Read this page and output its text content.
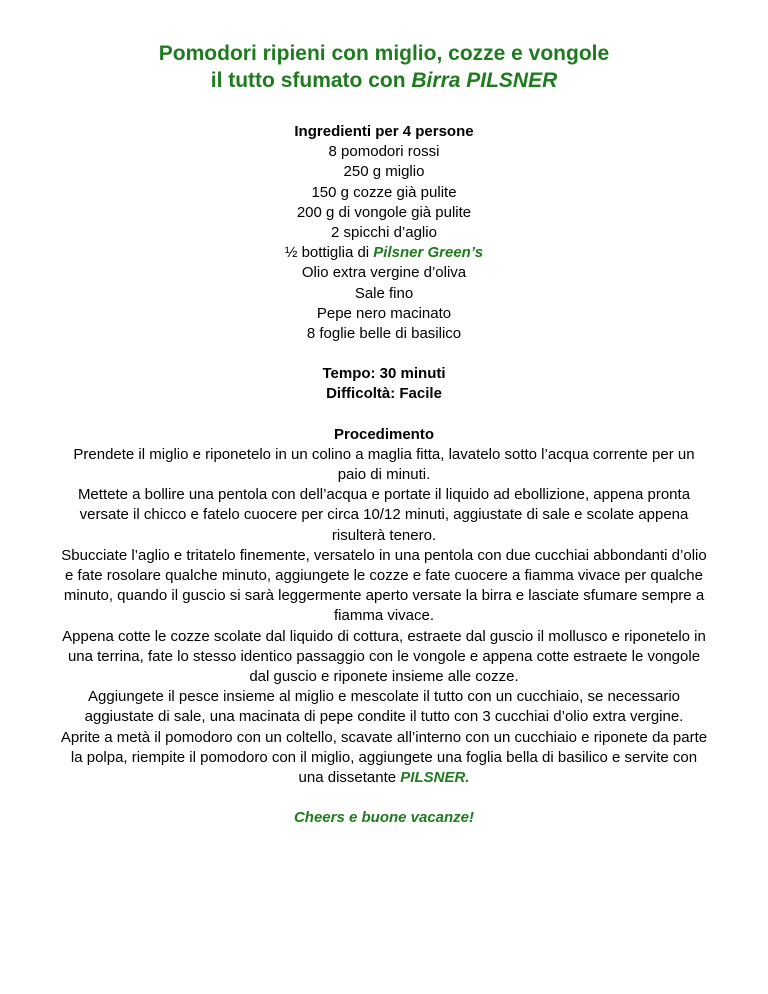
Pomodori ripieni con miglio, cozze e vongole
il tutto sfumato con Birra PILSNER
Ingredienti per 4 persone
8 pomodori rossi
250 g miglio
150 g cozze già pulite
200 g di vongole già pulite
2 spicchi d’aglio
½ bottiglia di Pilsner Green’s
Olio extra vergine d’oliva
Sale fino
Pepe nero macinato
8 foglie belle di basilico
Tempo: 30 minuti
Difficoltà: Facile
Procedimento

Prendete il miglio e riponetelo in un colino a maglia fitta, lavatelo sotto l’acqua corrente per un paio di minuti.

Mettete a bollire una pentola con dell’acqua e portate il liquido ad ebollizione, appena pronta versate il chicco e fatelo cuocere per circa 10/12 minuti, aggiustate di sale e scolate appena risulterà tenero.

Sbucciate l’aglio e tritatelo finemente, versatelo in una pentola con due cucchiai abbondanti d’olio e fate rosolare qualche minuto, aggiungete le cozze e fate cuocere a fiamma vivace per qualche minuto, quando il guscio si sarà leggermente aperto versate la birra e lasciate sfumare sempre a fiamma vivace.

Appena cotte le cozze scolate dal liquido di cottura, estraete dal guscio il mollusco e riponetelo in una terrina, fate lo stesso identico passaggio con le vongole e appena cotte estraete le vongole dal guscio e riponete insieme alle cozze.

Aggiungete il pesce insieme al miglio e mescolate il tutto con un cucchiaio, se necessario aggiustate di sale, una macinata di pepe condite il tutto con 3 cucchiai d’olio extra vergine.

Aprite a metà il pomodoro con un coltello, scavate all’interno con un cucchiaio e riponete da parte la polpa, riempite il pomodoro con il miglio, aggiungete una foglia bella di basilico e servite con una dissetante PILSNER.

Cheers e buone vacanze!
